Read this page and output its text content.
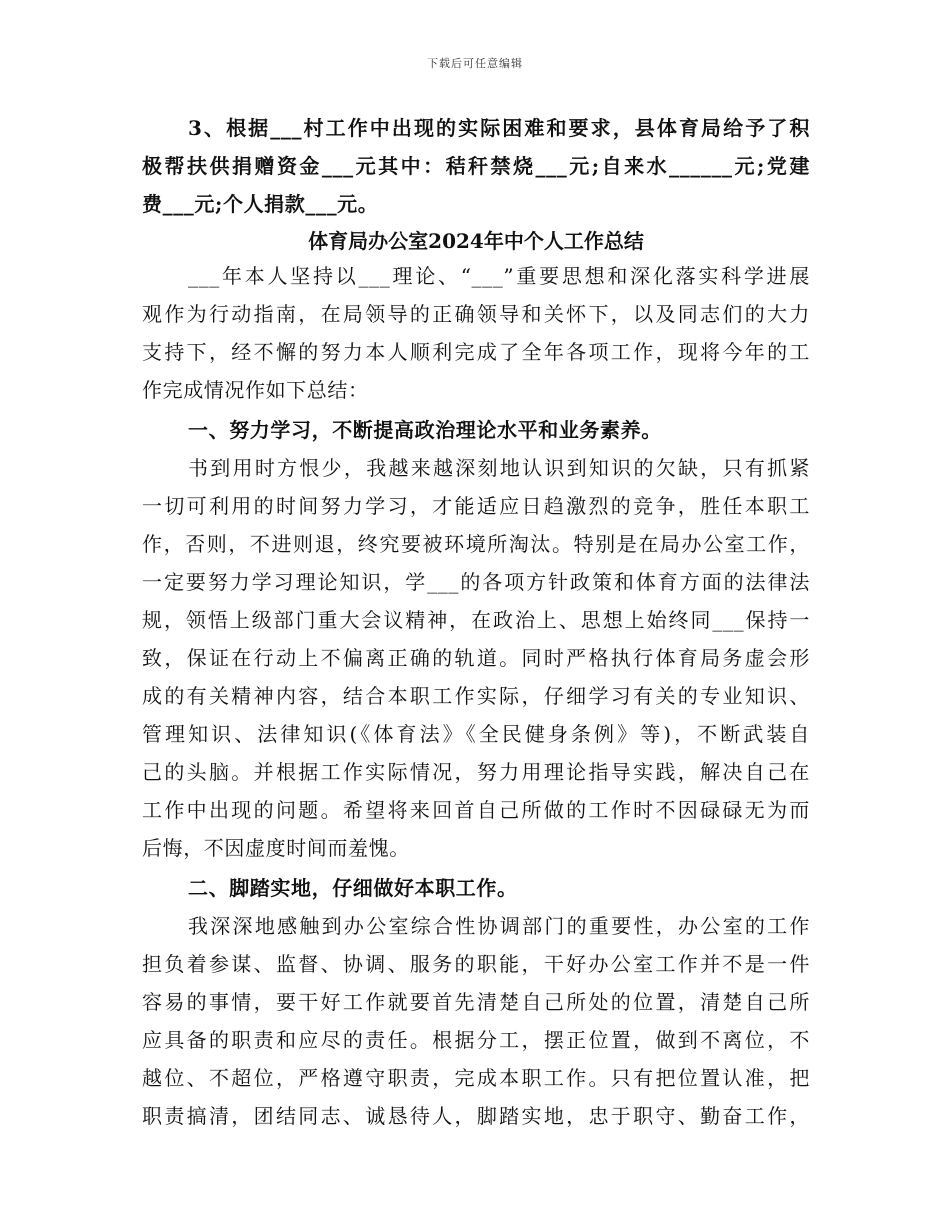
下载后可任意编辑
3、根据___村工作中出现的实际困难和要求，县体育局给予了积
极帮扶供捐赠资金___元其中：秸秆禁烧___元;自来水______元;党建
费___元;个人捐款___元。
体育局办公室2024年中个人工作总结
___年本人坚持以___理论、“___”重要思想和深化落实科学进展
观作为行动指南，在局领导的正确领导和关怀下，以及同志们的大力
支持下，经不懈的努力本人顺利完成了全年各项工作，现将今年的工
作完成情况作如下总结：
一、努力学习，不断提高政治理论水平和业务素养。
书到用时方恨少，我越来越深刻地认识到知识的欠缺，只有抓紧
一切可利用的时间努力学习，才能适应日趋激烈的竞争，胜任本职工
作，否则，不进则退，终究要被环境所淘汰。特别是在局办公室工作，
一定要努力学习理论知识，学___的各项方针政策和体育方面的法律法
规，领悟上级部门重大会议精神，在政治上、思想上始终同___保持一
致，保证在行动上不偏离正确的轨道。同时严格执行体育局务虚会形
成的有关精神内容，结合本职工作实际，仔细学习有关的专业知识、
管理知识、法律知识(《体育法》《全民健身条例》等)，不断武装自
己的头脑。并根据工作实际情况，努力用理论指导实践，解决自己在
工作中出现的问题。希望将来回首自己所做的工作时不因碌碌无为而
后悔，不因虚度时间而羞愧。
二、脚踏实地，仔细做好本职工作。
我深深地感触到办公室综合性协调部门的重要性，办公室的工作
担负着参谋、监督、协调、服务的职能，干好办公室工作并不是一件
容易的事情，要干好工作就要首先清楚自己所处的位置，清楚自己所
应具备的职责和应尽的责任。根据分工，摆正位置，做到不离位，不
越位、不超位，严格遵守职责，完成本职工作。只有把位置认准，把
职责搞清，团结同志、诚恳待人，脚踏实地，忠于职守、勤奋工作，
